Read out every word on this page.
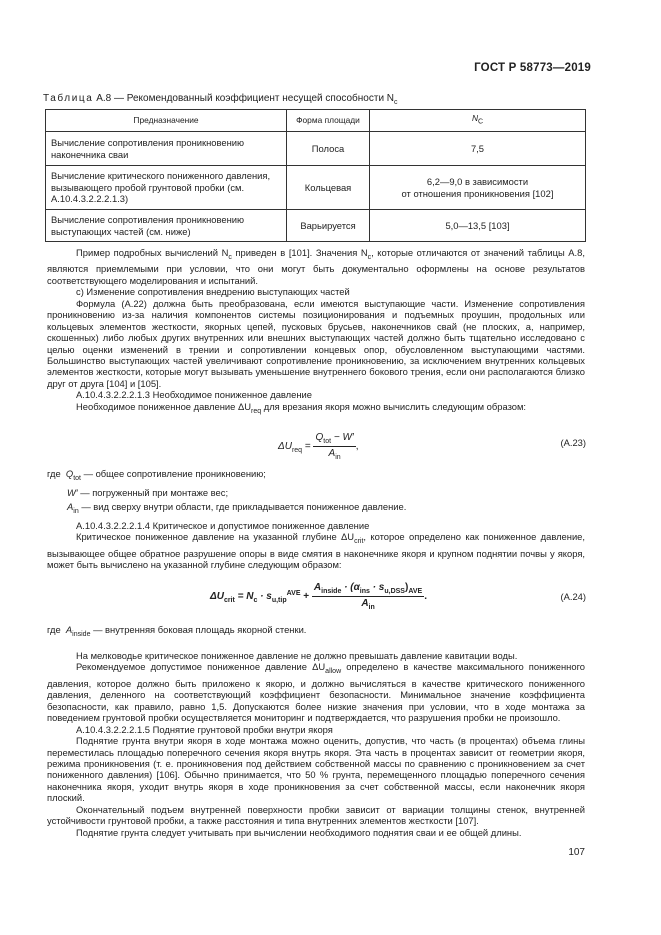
ГОСТ Р 58773—2019
Таблица А.8 — Рекомендованный коэффициент несущей способности $N_c$
Предназначение	Форма площади	$N_C$
Вычисление сопротивления проникновению наконечника сваи	Полоса	7,5
Вычисление критического пониженного давления, вызывающего пробой грунтовой пробки (см. А.10.4.3.2.2.2.1.3)	Кольцевая	6,2—9,0 в зависимости
от отношения проникновения [102]
Вычисление сопротивления проникновению выступающих частей (см. ниже)	Варьируется	5,0—13,5 [103]

Пример подробных вычислений $N_c$ приведен в [101]. Значения $N_c$, которые отличаются от значений таблицы А.8, являются приемлемыми при условии, что они могут быть документально оформлены на основе результатов соответствующего моделирования и испытаний.

с) Изменение сопротивления внедрению выступающих частей

Формула (А.22) должна быть преобразована, если имеются выступающие части. Изменение сопротивления проникновению из-за наличия компонентов системы позиционирования и подъемных проушин, продольных или кольцевых элементов жесткости, якорных цепей, пусковых брусьев, наконечников свай (не плоских, а, например, скошенных) либо любых других внутренних или внешних выступающих частей должно быть тщательно исследовано с целью оценки изменений в трении и сопротивлении концевых опор, обусловленном выступающими частями. Большинство выступающих частей увеличивают сопротивление проникновению, за исключением внутренних кольцевых элементов жесткости, которые могут вызывать уменьшение внутреннего бокового трения, если они располагаются близко друг от друга [104] и [105].

А.10.4.3.2.2.2.1.3 Необходимое пониженное давление

Необходимое пониженное давление $\Delta U_{req}$ для врезания якоря можно вычислить следующим образом:

$\Delta U_{req} = \frac{Q_{tot} - W'}{A_{in}}$ ,	(А.23)
где $Q_{tot}$ — общее сопротивление проникновению;
W′ — погруженный при монтаже вес;
$A_{in}$ — вид сверху внутри области, где прикладывается пониженное давление.

А.10.4.3.2.2.2.1.4 Критическое и допустимое пониженное давление

Критическое пониженное давление на указанной глубине $\Delta U_{crit}$, которое определено как пониженное давление, вызывающее общее обратное разрушение опоры в виде смятия в наконечнике якоря и крупном поднятии почвы у якоря, может быть вычислено на указанной глубине следующим образом:

$\Delta U_{crit} = N_c \cdot s_{u,tip}^{AVE} + \frac{A_{inside} \cdot (\alpha_{ins} \cdot s_{u,DSS})_{AVE}}{A_{in}}$ .	(А.24)
где $A_{inside}$ — внутренняя боковая площадь якорной стенки.

На мелководье критическое пониженное давление не должно превышать давление кавитации воды.

Рекомендуемое допустимое пониженное давление $\Delta U_{allow}$ определено в качестве максимального пониженного давления, которое должно быть приложено к якорю, и должно вычисляться в качестве критического пониженного давления, деленного на соответствующий коэффициент безопасности. Минимальное значение коэффициента безопасности, как правило, равно 1,5. Допускаются более низкие значения при условии, что в ходе монтажа за поведением грунтовой пробки осуществляется мониторинг и подтверждается, что разрушения пробки не произошло.

А.10.4.3.2.2.2.1.5 Поднятие грунтовой пробки внутри якоря

Поднятие грунта внутри якоря в ходе монтажа можно оценить, допустив, что часть (в процентах) объема глины переместилась площадью поперечного сечения якоря внутрь якоря. Эта часть в процентах зависит от геометрии якоря, режима проникновения (т. е. проникновения под действием собственной массы по сравнению с проникновением за счет пониженного давления) [106]. Обычно принимается, что 50 % грунта, перемещенного площадью поперечного сечения наконечника якоря, уходит внутрь якоря в ходе проникновения за счет собственной массы, если наконечник якоря плоский.

Окончательный подъем внутренней поверхности пробки зависит от вариации толщины стенок, внутренней устойчивости грунтовой пробки, а также расстояния и типа внутренних элементов жесткости [107].

Поднятие грунта следует учитывать при вычислении необходимого поднятия сваи и ее общей длины.

107
